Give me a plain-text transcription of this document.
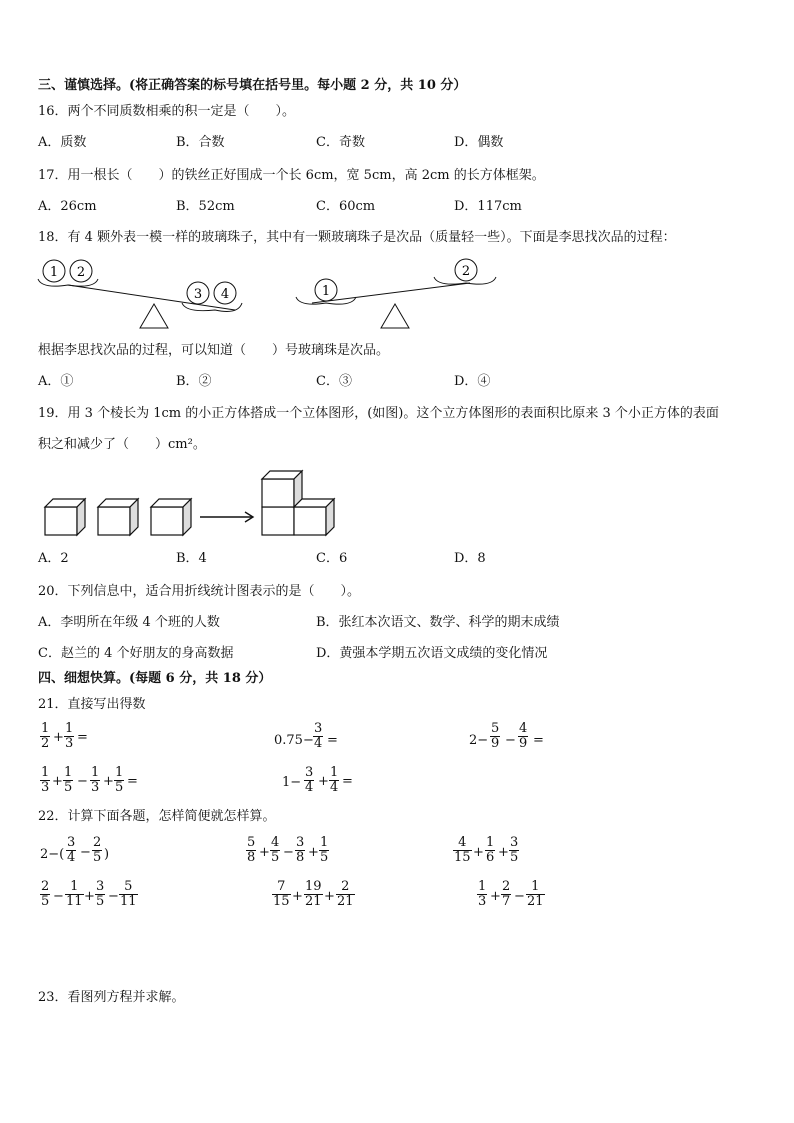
三、谨慎选择。(将正确答案的标号填在括号里。每小题 2 分，共 10 分）
16．两个不同质数相乘的积一定是（　　）。
A．质数	B．合数	C．奇数	D．偶数
17．用一根长（　　）的铁丝正好围成一个长 6cm，宽 5cm，高 2cm 的长方体框架。
A．26cm	B．52cm	C．60cm	D．117cm
18．有 4 颗外表一模一样的玻璃珠子，其中有一颗玻璃珠子是次品（质量轻一些）。下面是李思找次品的过程：
1 2
3 4	1
2
根据李思找次品的过程，可以知道（　　）号玻璃珠是次品。
A．①	B．②	C．③	D．④
19．用 3 个棱长为 1cm 的小正方体搭成一个立体图形，(如图)。这个立方体图形的表面积比原来 3 个小正方体的表面
积之和减少了（　　）cm²。
A．2	B．4	C．6	D．8
20．下列信息中，适合用折线统计图表示的是（　　）。
A．李明所在年级 4 个班的人数	B．张红本次语文、数学、科学的期末成绩
C．赵兰的 4 个好朋友的身高数据	D．黄强本学期五次语文成绩的变化情况
四、细想快算。(每题 6 分，共 18 分）
21．直接写出得数
1
2 +
1
3 =	0.75−
3
4 =	2−
5
9 −
4
9 =
1
3 +
1
5 −
1
3 +
1
5 =	1−
3
4 +
1
4 =
22．计算下面各题，怎样简便就怎样算。
2−(
3
4 −
2
5 )
5
8 +
4
5 −
3
8 +
1
5
4
15 +
1
6 +
3
5
2
5 −
1
11 +
3
5 −
5
11
7
15 +
19
21 +
2
21
1
3 +
2
7 −
1
21
23．看图列方程并求解。
